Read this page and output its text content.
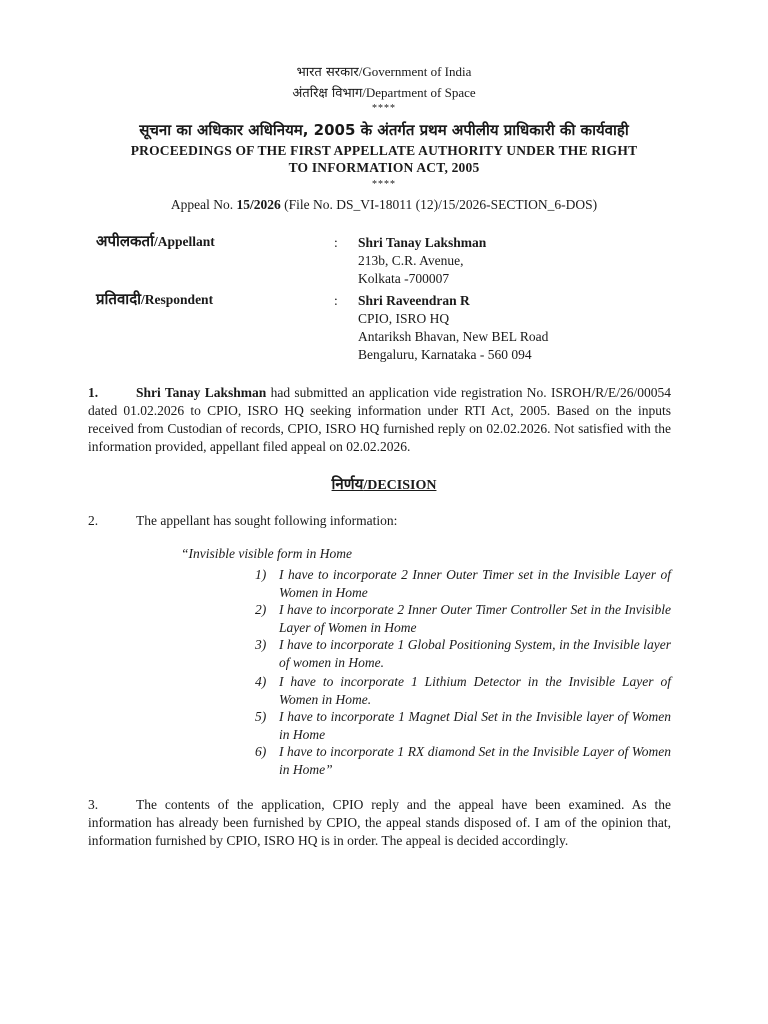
भारत सरकार/Government of India
अंतरिक्ष विभाग/Department of Space
****
सूचना का अधिकार अधिनियम, 2005 के अंतर्गत प्रथम अपीलीय प्राधिकारी की कार्यवाही
PROCEEDINGS OF THE FIRST APPELLATE AUTHORITY UNDER THE RIGHT
TO INFORMATION ACT, 2005
****
Appeal No. 15/2026 (File No. DS_VI-18011 (12)/15/2026-SECTION_6-DOS)
अपीलकर्ता/Appellant	: Shri Tanay Lakshman
213b, C.R. Avenue,
Kolkata -700007
प्रतिवादी/Respondent	: Shri Raveendran R
CPIO, ISRO HQ
Antariksh Bhavan, New BEL Road
Bengaluru, Karnataka - 560 094
1.	Shri Tanay Lakshman had submitted an application vide registration No. ISROH/R/E/26/00054 dated 01.02.2026 to CPIO, ISRO HQ seeking information under RTI Act, 2005. Based on the inputs received from Custodian of records, CPIO, ISRO HQ furnished reply on 02.02.2026. Not satisfied with the information provided, appellant filed appeal on 02.02.2026.
निर्णय/DECISION
2.	The appellant has sought following information:
“Invisible visible form in Home
1) I have to incorporate 2 Inner Outer Timer set in the Invisible Layer of Women in Home
2) I have to incorporate 2 Inner Outer Timer Controller Set in the Invisible Layer of Women in Home
3) I have to incorporate 1 Global Positioning System, in the Invisible layer of women in Home.
4) I have to incorporate 1 Lithium Detector in the Invisible Layer of Women in Home.
5) I have to incorporate 1 Magnet Dial Set in the Invisible layer of Women in Home
6) I have to incorporate 1 RX diamond Set in the Invisible Layer of Women in Home”
3.	The contents of the application, CPIO reply and the appeal have been examined. As the information has already been furnished by CPIO, the appeal stands disposed of. I am of the opinion that, information furnished by CPIO, ISRO HQ is in order. The appeal is decided accordingly.
